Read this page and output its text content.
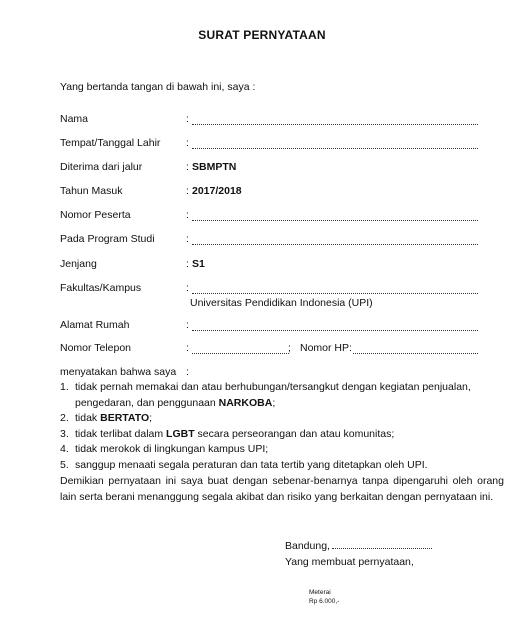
SURAT PERNYATAAN
Yang bertanda tangan di bawah ini, saya :
Nama	:
Tempat/Tanggal Lahir :
Diterima dari jalur	: SBMPTN
Tahun Masuk	: 2017/2018
Nomor Peserta	:
Pada Program Studi	:
Jenjang	: S1
Fakultas/Kampus	:
Universitas Pendidikan Indonesia (UPI)
Alamat Rumah	:
Nomor Telepon	:	; Nomor HP:
menyatakan bahwa saya :
1. tidak pernah memakai dan atau berhubungan/tersangkut dengan kegiatan penjualan,
pengedaran, dan penggunaan NARKOBA;
2. tidak BERTATO;
3. tidak terlibat dalam LGBT secara perseorangan dan atau komunitas;
4. tidak merokok di lingkungan kampus UPI;
5. sanggup menaati segala peraturan dan tata tertib yang ditetapkan oleh UPI.
Demikian pernyataan ini saya buat dengan sebenar-benarnya tanpa dipengaruhi oleh orang lain serta berani menanggung segala akibat dan risiko yang berkaitan dengan pernyataan ini.
Bandung,
Yang membuat pernyataan,
Meterai
Rp 6.000,-
